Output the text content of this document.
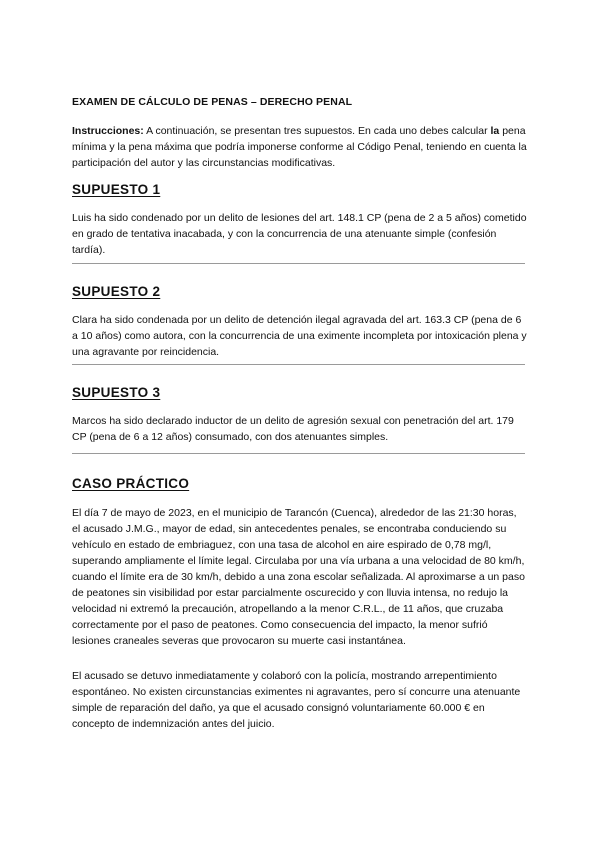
EXAMEN DE CÁLCULO DE PENAS – DERECHO PENAL
Instrucciones: A continuación, se presentan tres supuestos. En cada uno debes calcular la pena mínima y la pena máxima que podría imponerse conforme al Código Penal, teniendo en cuenta la participación del autor y las circunstancias modificativas.
SUPUESTO 1
Luis ha sido condenado por un delito de lesiones del art. 148.1 CP (pena de 2 a 5 años) cometido en grado de tentativa inacabada, y con la concurrencia de una atenuante simple (confesión tardía).
SUPUESTO 2
Clara ha sido condenada por un delito de detención ilegal agravada del art. 163.3 CP (pena de 6 a 10 años) como autora, con la concurrencia de una eximente incompleta por intoxicación plena y una agravante por reincidencia.
SUPUESTO 3
Marcos ha sido declarado inductor de un delito de agresión sexual con penetración del art. 179 CP (pena de 6 a 12 años) consumado, con dos atenuantes simples.
CASO PRÁCTICO
El día 7 de mayo de 2023, en el municipio de Tarancón (Cuenca), alrededor de las 21:30 horas, el acusado J.M.G., mayor de edad, sin antecedentes penales, se encontraba conduciendo su vehículo en estado de embriaguez, con una tasa de alcohol en aire espirado de 0,78 mg/l, superando ampliamente el límite legal. Circulaba por una vía urbana a una velocidad de 80 km/h, cuando el límite era de 30 km/h, debido a una zona escolar señalizada. Al aproximarse a un paso de peatones sin visibilidad por estar parcialmente oscurecido y con lluvia intensa, no redujo la velocidad ni extremó la precaución, atropellando a la menor C.R.L., de 11 años, que cruzaba correctamente por el paso de peatones. Como consecuencia del impacto, la menor sufrió lesiones craneales severas que provocaron su muerte casi instantánea.
El acusado se detuvo inmediatamente y colaboró con la policía, mostrando arrepentimiento espontáneo. No existen circunstancias eximentes ni agravantes, pero sí concurre una atenuante simple de reparación del daño, ya que el acusado consignó voluntariamente 60.000 € en concepto de indemnización antes del juicio.
